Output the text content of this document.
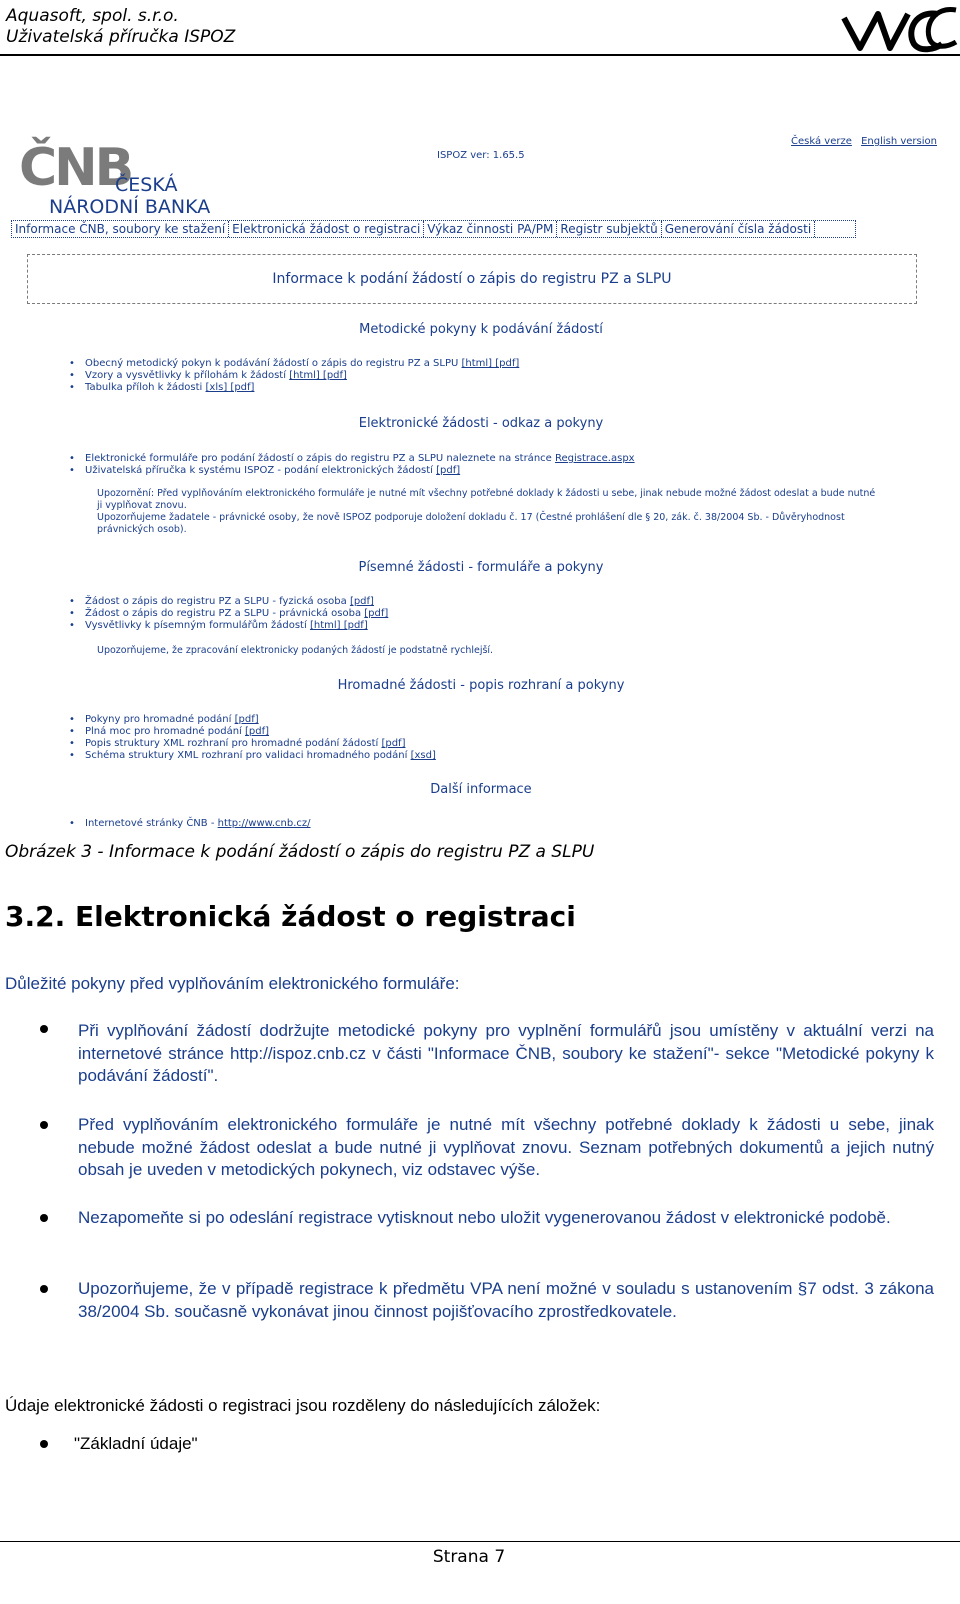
Aquasoft, spol. s.r.o.
Uživatelská příručka ISPOZ
ČNB
ČESKÁ
NÁRODNÍ BANKA
ISPOZ ver: 1.65.5
Česká verze English version
Informace ČNB, soubory ke stažení Elektronická žádost o registraci Výkaz činnosti PA/PM Registr subjektů Generování čísla žádosti
Informace k podání žádostí o zápis do registru PZ a SLPU
Metodické pokyny k podávání žádostí
• Obecný metodický pokyn k podávání žádostí o zápis do registru PZ a SLPU [html] [pdf]
• Vzory a vysvětlivky k přílohám k žádostí [html] [pdf]
• Tabulka příloh k žádosti [xls] [pdf]
Elektronické žádosti - odkaz a pokyny
• Elektronické formuláře pro podání žádostí o zápis do registru PZ a SLPU naleznete na stránce Registrace.aspx
• Uživatelská příručka k systému ISPOZ - podání elektronických žádostí [pdf]
Upozornění: Před vyplňováním elektronického formuláře je nutné mít všechny potřebné doklady k žádosti u sebe, jinak nebude možné žádost odeslat a bude nutné ji vyplňovat znovu.
Upozorňujeme žadatele - právnické osoby, že nově ISPOZ podporuje doložení dokladu č. 17 (Čestné prohlášení dle § 20, zák. č. 38/2004 Sb. - Důvěryhodnost právnických osob).
Písemné žádosti - formuláře a pokyny
• Žádost o zápis do registru PZ a SLPU - fyzická osoba [pdf]
• Žádost o zápis do registru PZ a SLPU - právnická osoba [pdf]
• Vysvětlivky k písemným formulářům žádostí [html] [pdf]
Upozorňujeme, že zpracování elektronicky podaných žádostí je podstatně rychlejší.
Hromadné žádosti - popis rozhraní a pokyny
• Pokyny pro hromadné podání [pdf]
• Plná moc pro hromadné podání [pdf]
• Popis struktury XML rozhraní pro hromadné podání žádostí [pdf]
• Schéma struktury XML rozhraní pro validaci hromadného podání [xsd]
Další informace
• Internetové stránky ČNB - http://www.cnb.cz/
Obrázek 3 - Informace k podání žádostí o zápis do registru PZ a SLPU
3.2. Elektronická žádost o registraci
Důležité pokyny před vyplňováním elektronického formuláře:
Při vyplňování žádostí dodržujte metodické pokyny pro vyplnění formulářů jsou umístěny v aktuální verzi na internetové stránce http://ispoz.cnb.cz v části "Informace ČNB, soubory ke stažení"- sekce "Metodické pokyny k podávání žádostí".
Před vyplňováním elektronického formuláře je nutné mít všechny potřebné doklady k žádosti u sebe, jinak nebude možné žádost odeslat a bude nutné ji vyplňovat znovu. Seznam potřebných dokumentů a jejich nutný obsah je uveden v metodických pokynech, viz odstavec výše.
Nezapomeňte si po odeslání registrace vytisknout nebo uložit vygenerovanou žádost v elektronické podobě.
Upozorňujeme, že v případě registrace k předmětu VPA není možné v souladu s ustanovením §7 odst. 3 zákona 38/2004 Sb. současně vykonávat jinou činnost pojišťovacího zprostředkovatele.
Údaje elektronické žádosti o registraci jsou rozděleny do následujících záložek:
"Základní údaje"
Strana 7
